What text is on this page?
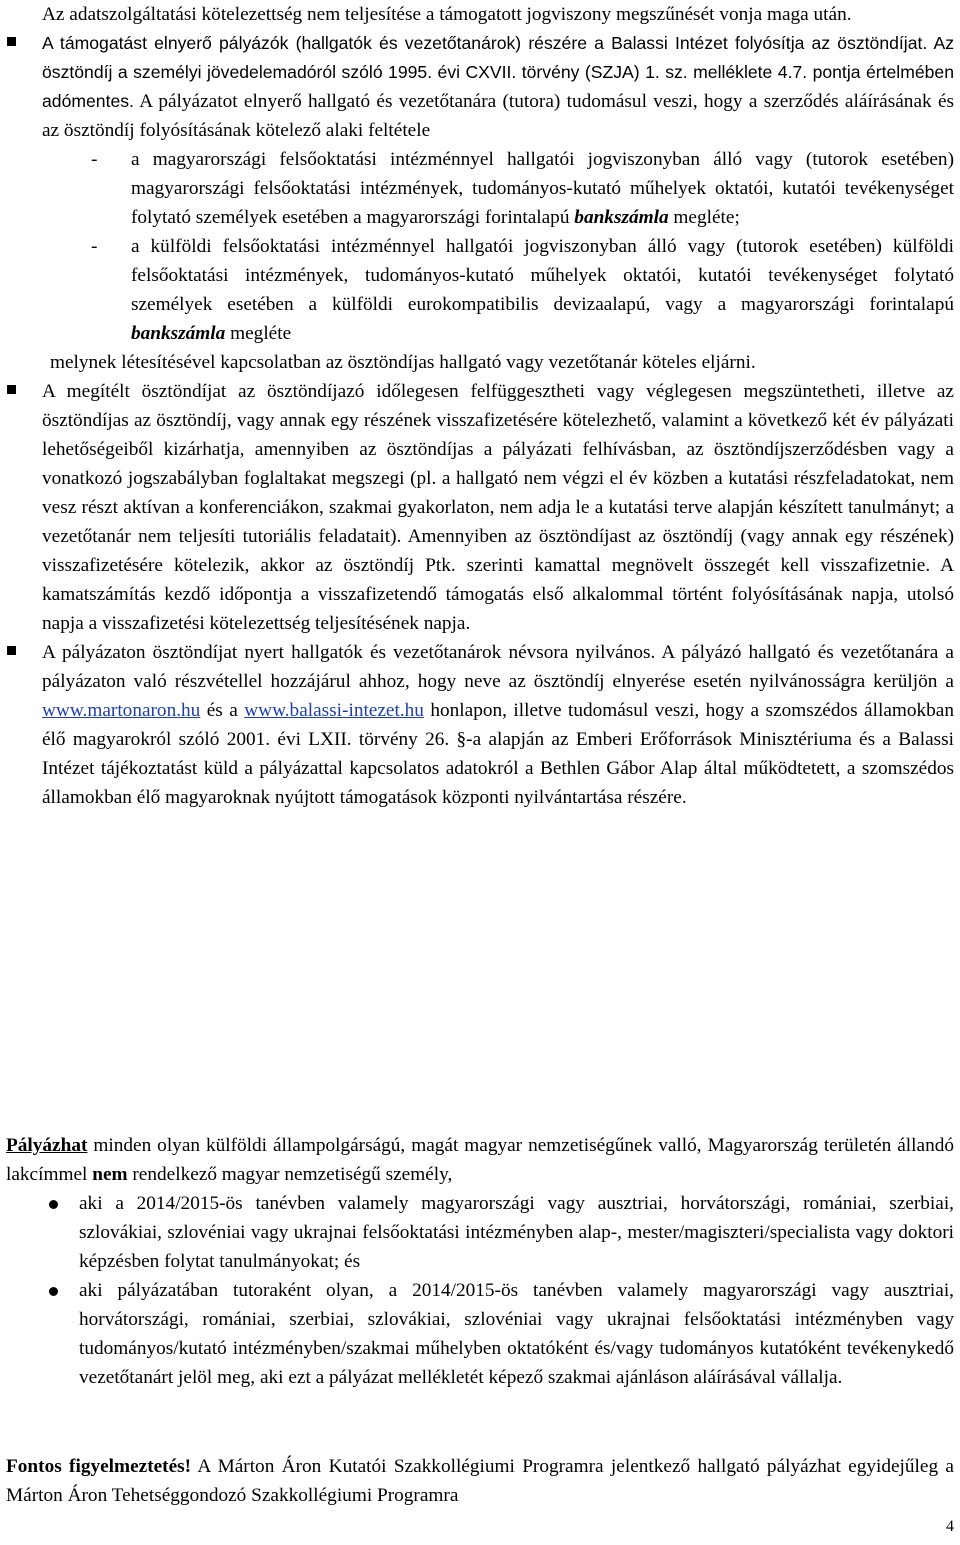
Az adatszolgáltatási kötelezettség nem teljesítése a támogatott jogviszony megszűnését vonja maga után.
A támogatást elnyerő pályázók (hallgatók és vezetőtanárok) részére a Balassi Intézet folyósítja az ösztöndíjat. Az ösztöndíj a személyi jövedelemadóról szóló 1995. évi CXVII. törvény (SZJA) 1. sz. melléklete 4.7. pontja értelmében adómentes. A pályázatot elnyerő hallgató és vezetőtanára (tutora) tudomásul veszi, hogy a szerződés aláírásának és az ösztöndíj folyósításának kötelező alaki feltétele
- a magyarországi felsőoktatási intézménnyel hallgatói jogviszonyban álló vagy (tutorok esetében) magyarországi felsőoktatási intézmények, tudományos-kutató műhelyek oktatói, kutatói tevékenységet folytató személyek esetében a magyarországi forintalapú bankszámla megléte;
- a külföldi felsőoktatási intézménnyel hallgatói jogviszonyban álló vagy (tutorok esetében) külföldi felsőoktatási intézmények, tudományos-kutató műhelyek oktatói, kutatói tevékenységet folytató személyek esetében a külföldi eurokompatibilis devizaalapú, vagy a magyarországi forintalapú bankszámla megléte
melynek létesítésével kapcsolatban az ösztöndíjas hallgató vagy vezetőtanár köteles eljárni.
A megítélt ösztöndíjat az ösztöndíjazó időlegesen felfüggesztheti vagy véglegesen megszüntetheti, illetve az ösztöndíjas az ösztöndíj, vagy annak egy részének visszafizetésére kötelezhető, valamint a következő két év pályázati lehetőségeiből kizárhatja, amennyiben az ösztöndíjas a pályázati felhívásban, az ösztöndíjszerződésben vagy a vonatkozó jogszabályban foglaltakat megszegi (pl. a hallgató nem végzi el év közben a kutatási részfeladatokat, nem vesz részt aktívan a konferenciákon, szakmai gyakorlaton, nem adja le a kutatási terve alapján készített tanulmányt; a vezetőtanár nem teljesíti tutoriális feladatait). Amennyiben az ösztöndíjast az ösztöndíj (vagy annak egy részének) visszafizetésére kötelezik, akkor az ösztöndíj Ptk. szerinti kamattal megnövelt összegét kell visszafizetnie. A kamatszámítás kezdő időpontja a visszafizetendő támogatás első alkalommal történt folyósításának napja, utolsó napja a visszafizetési kötelezettség teljesítésének napja.
A pályázaton ösztöndíjat nyert hallgatók és vezetőtanárok névsora nyilvános. A pályázó hallgató és vezetőtanára a pályázaton való részvétellel hozzájárul ahhoz, hogy neve az ösztöndíj elnyerése esetén nyilvánosságra kerüljön a www.martonaron.hu és a www.balassi-intezet.hu honlapon, illetve tudomásul veszi, hogy a szomszédos államokban élő magyarokról szóló 2001. évi LXII. törvény 26. §-a alapján az Emberi Erőforrások Minisztériuma és a Balassi Intézet tájékoztatást küld a pályázattal kapcsolatos adatokról a Bethlen Gábor Alap által működtetett, a szomszédos államokban élő magyaroknak nyújtott támogatások központi nyilvántartása részére.
Pályázhat minden olyan külföldi állampolgárságú, magát magyar nemzetiségűnek valló, Magyarország területén állandó lakcímmel nem rendelkező magyar nemzetiségű személy,
aki a 2014/2015-ös tanévben valamely magyarországi vagy ausztriai, horvátországi, romániai, szerbiai, szlovákiai, szlovéniai vagy ukrajnai felsőoktatási intézményben alap-, mester/magiszteri/specialista vagy doktori képzésben folytat tanulmányokat; és
aki pályázatában tutoraként olyan, a 2014/2015-ös tanévben valamely magyarországi vagy ausztriai, horvátországi, romániai, szerbiai, szlovákiai, szlovéniai vagy ukrajnai felsőoktatási intézményben vagy tudományos/kutató intézményben/szakmai műhelyben oktatóként és/vagy tudományos kutatóként tevékenykedő vezetőtanárt jelöl meg, aki ezt a pályázat mellékletét képező szakmai ajánláson aláírásával vállalja.
Fontos figyelmeztetés! A Márton Áron Kutatói Szakkollégiumi Programra jelentkező hallgató pályázhat egyidejűleg a Márton Áron Tehetséggondozó Szakkollégiumi Programra
4
